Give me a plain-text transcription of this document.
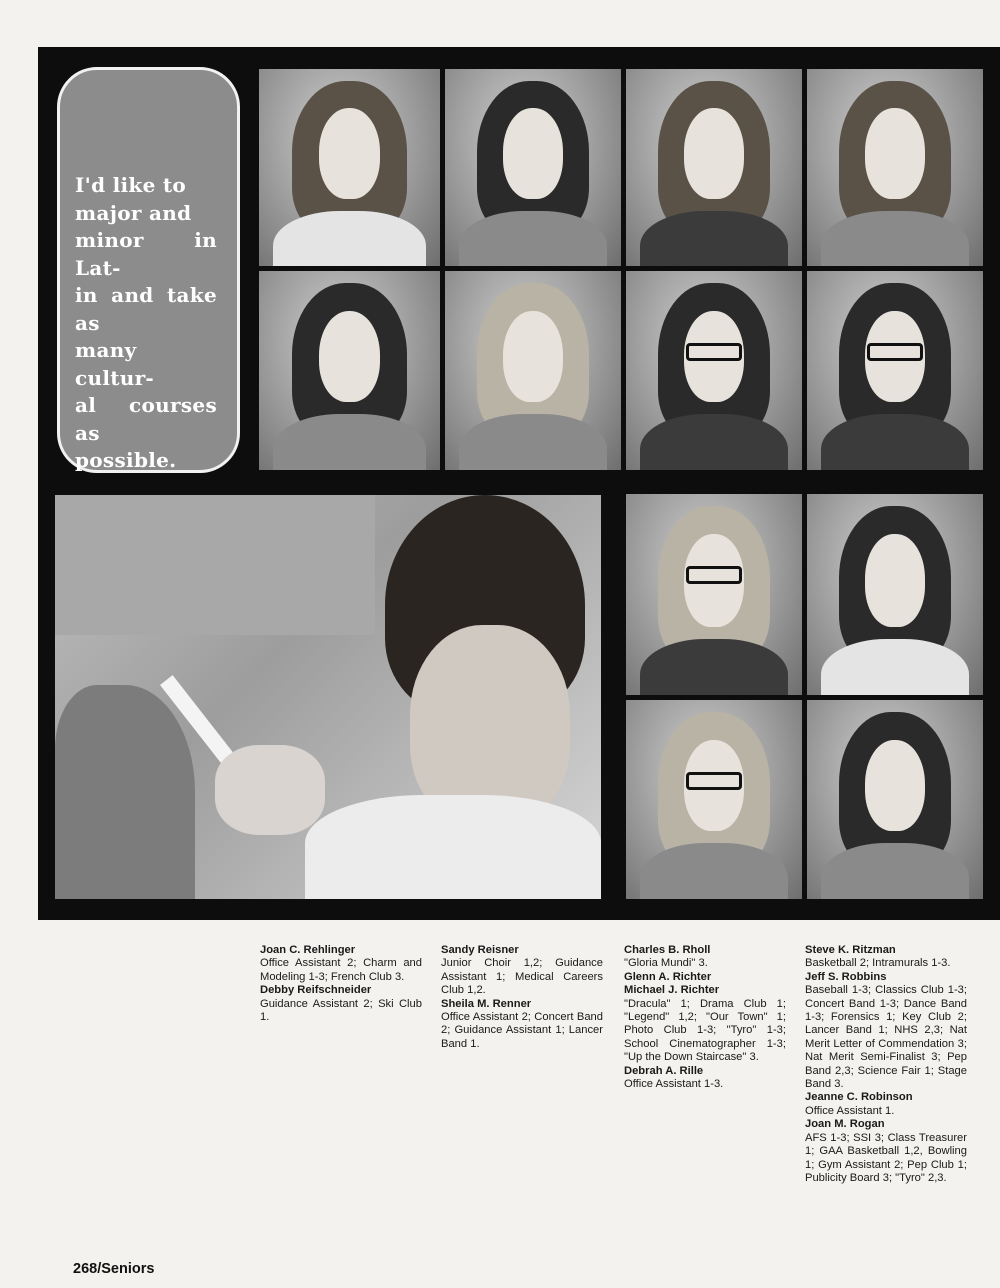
I'd like to
major and
minor in Lat-
in and take as
many cultur-
al courses as
possible.
Joan C. Rehlinger
Office Assistant 2; Charm and Modeling 1-3; French Club 3.
Debby Reifschneider
Guidance Assistant 2; Ski Club 1.
Sandy Reisner
Junior Choir 1,2; Guidance Assistant 1; Medical Careers Club 1,2.
Sheila M. Renner
Office Assistant 2; Concert Band 2; Guidance Assistant 1; Lancer Band 1.
Charles B. Rholl
"Gloria Mundi" 3.
Glenn A. Richter
Michael J. Richter
"Dracula" 1; Drama Club 1; "Legend" 1,2; "Our Town" 1; Photo Club 1-3; "Tyro" 1-3; School Cinematographer 1-3; "Up the Down Staircase" 3.
Debrah A. Rille
Office Assistant 1-3.
Steve K. Ritzman
Basketball 2; Intramurals 1-3.
Jeff S. Robbins
Baseball 1-3; Classics Club 1-3; Concert Band 1-3; Dance Band 1-3; Forensics 1; Key Club 2; Lancer Band 1; NHS 2,3; Nat Merit Letter of Commendation 3; Nat Merit Semi-Finalist 3; Pep Band 2,3; Science Fair 1; Stage Band 3.
Jeanne C. Robinson
Office Assistant 1.
Joan M. Rogan
AFS 1-3; SSI 3; Class Treasurer 1; GAA Basketball 1,2, Bowling 1; Gym Assistant 2; Pep Club 1; Publicity Board 3; "Tyro" 2,3.
268/Seniors
